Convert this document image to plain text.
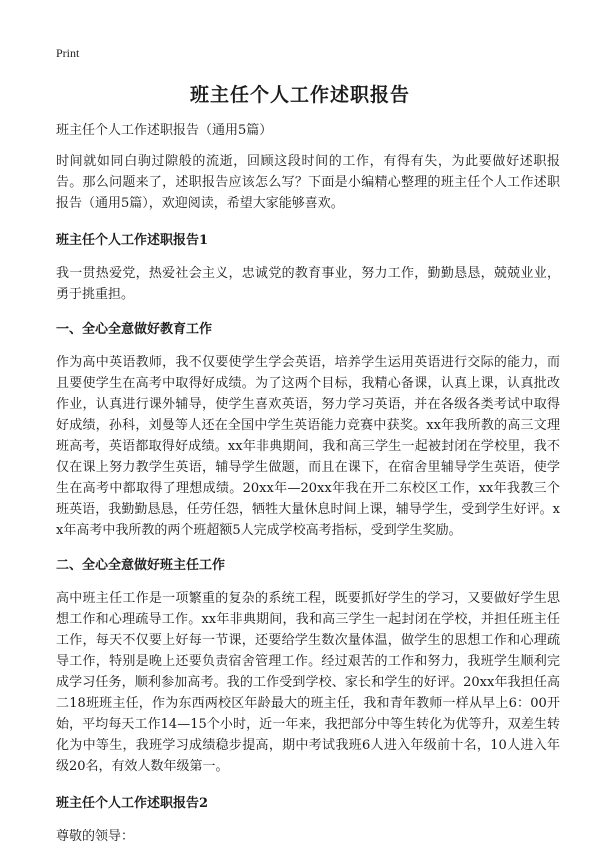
Print
班主任个人工作述职报告

班主任个人工作述职报告（通用5篇）

时间就如同白驹过隙般的流逝，回顾这段时间的工作，有得有失，为此要做好述职报告。那么问题来了，述职报告应该怎么写？下面是小编精心整理的班主任个人工作述职报告（通用5篇），欢迎阅读，希望大家能够喜欢。

班主任个人工作述职报告1

我一贯热爱党，热爱社会主义，忠诚党的教育事业，努力工作，勤勤恳恳，兢兢业业，勇于挑重担。

一、全心全意做好教育工作

作为高中英语教师，我不仅要使学生学会英语，培养学生运用英语进行交际的能力，而且要使学生在高考中取得好成绩。为了这两个目标，我精心备课，认真上课，认真批改作业，认真进行课外辅导，使学生喜欢英语，努力学习英语，并在各级各类考试中取得好成绩，孙科，刘曼等人还在全国中学生英语能力竞赛中获奖。xx年我所教的高三文理班高考，英语都取得好成绩。xx年非典期间，我和高三学生一起被封闭在学校里，我不仅在课上努力教学生英语，辅导学生做题，而且在课下，在宿舍里辅导学生英语，使学生在高考中都取得了理想成绩。20xx年—20xx年我在开二东校区工作，xx年我教三个班英语，我勤勤恳恳，任劳任怨，牺牲大量休息时间上课，辅导学生，受到学生好评。xx年高考中我所教的两个班超额5人完成学校高考指标，受到学生奖励。

二、全心全意做好班主任工作

高中班主任工作是一项繁重的复杂的系统工程，既要抓好学生的学习，又要做好学生思想工作和心理疏导工作。xx年非典期间，我和高三学生一起封闭在学校，并担任班主任工作，每天不仅要上好每一节课，还要给学生数次量体温，做学生的思想工作和心理疏导工作，特别是晚上还要负责宿舍管理工作。经过艰苦的工作和努力，我班学生顺利完成学习任务，顺利参加高考。我的工作受到学校、家长和学生的好评。20xx年我担任高二18班班主任，作为东西两校区年龄最大的班主任，我和青年教师一样从早上6：00开始，平均每天工作14—15个小时，近一年来，我把部分中等生转化为优等升，双差生转化为中等生，我班学习成绩稳步提高，期中考试我班6人进入年级前十名，10人进入年级20名，有效人数年级第一。

班主任个人工作述职报告2

尊敬的领导：
